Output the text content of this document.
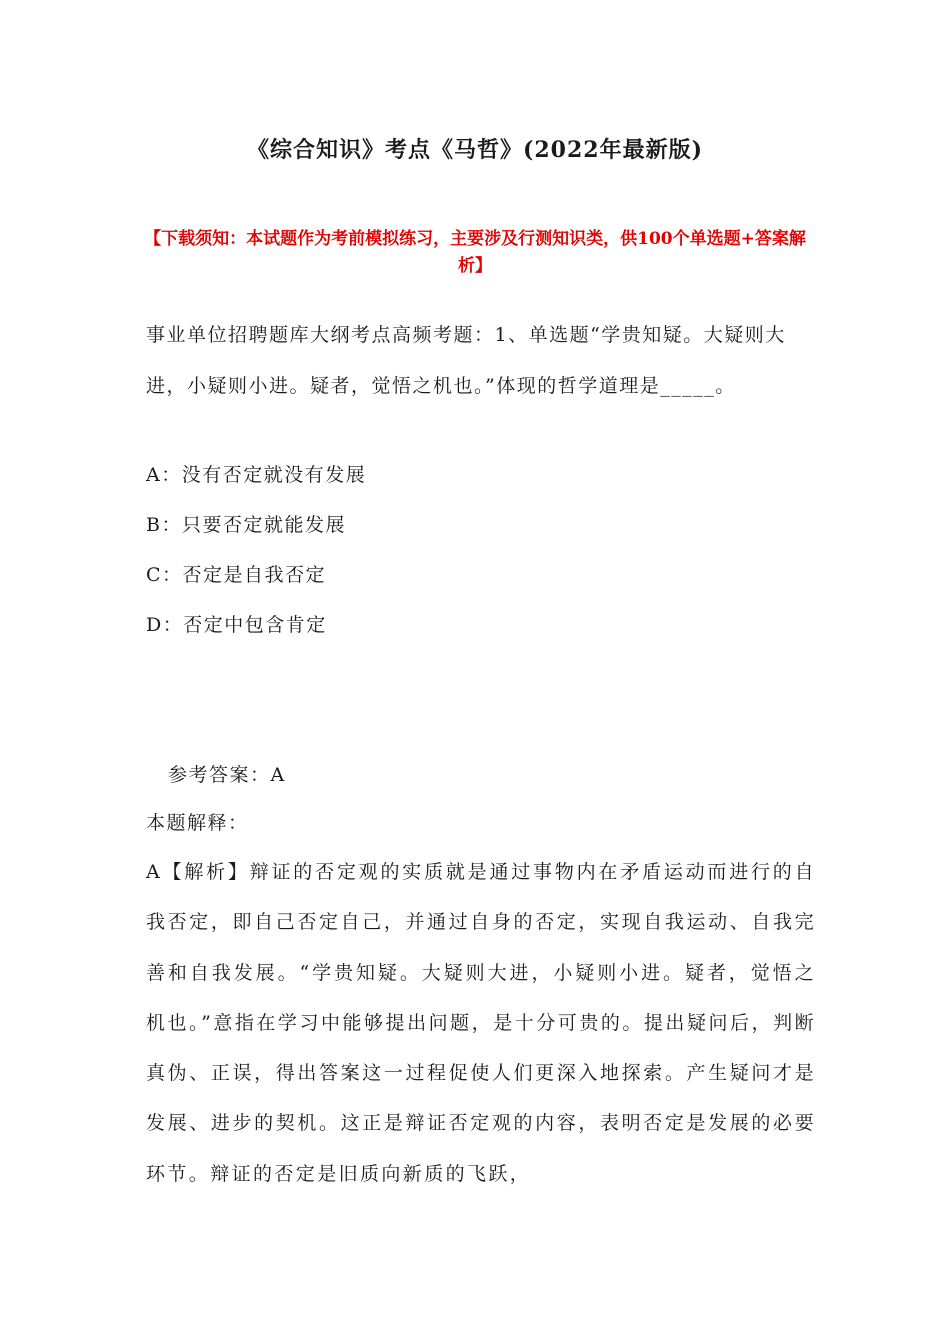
《综合知识》考点《马哲》(2022年最新版)
【下载须知：本试题作为考前模拟练习，主要涉及行测知识类，供100个单选题+答案解析】
事业单位招聘题库大纲考点高频考题：1、单选题“学贵知疑。大疑则大进，小疑则小进。疑者，觉悟之机也。”体现的哲学道理是_____。
A：没有否定就没有发展
B：只要否定就能发展
C：否定是自我否定
D：否定中包含肯定
参考答案：A
本题解释：
A【解析】辩证的否定观的实质就是通过事物内在矛盾运动而进行的自我否定，即自己否定自己，并通过自身的否定，实现自我运动、自我完善和自我发展。“学贵知疑。大疑则大进，小疑则小进。疑者，觉悟之机也。”意指在学习中能够提出问题，是十分可贵的。提出疑问后，判断真伪、正误，得出答案这一过程促使人们更深入地探索。产生疑问才是发展、进步的契机。这正是辩证否定观的内容，表明否定是发展的必要环节。辩证的否定是旧质向新质的飞跃，
